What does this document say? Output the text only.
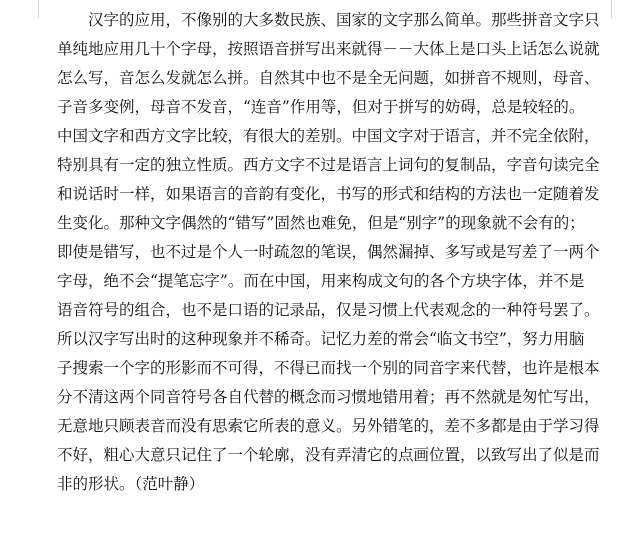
汉字的应用，不像别的大多数民族、国家的文字那么简单。那些拼音文字只
单纯地应用几十个字母，按照语音拼写出来就得－－大体上是口头上话怎么说就
怎么写，音怎么发就怎么拼。自然其中也不是全无问题，如拼音不规则，母音、
子音多变例，母音不发音，“连音”作用等，但对于拼写的妨碍，总是较轻的。
中国文字和西方文字比较，有很大的差别。中国文字对于语言，并不完全依附，
特别具有一定的独立性质。西方文字不过是语言上词句的复制品，字音句读完全
和说话时一样，如果语言的音韵有变化，书写的形式和结构的方法也一定随着发
生变化。那种文字偶然的“错写”固然也难免，但是“别字”的现象就不会有的；
即使是错写，也不过是个人一时疏忽的笔误，偶然漏掉、多写或是写差了一两个
字母，绝不会“提笔忘字”。而在中国，用来构成文句的各个方块字体，并不是
语音符号的组合，也不是口语的记录品，仅是习惯上代表观念的一种符号罢了。
所以汉字写出时的这种现象并不稀奇。记忆力差的常会“临文书空”，努力用脑
子搜索一个字的形影而不可得，不得已而找一个别的同音字来代替，也许是根本
分不清这两个同音符号各自代替的概念而习惯地错用着；再不然就是匆忙写出，
无意地只顾表音而没有思索它所表的意义。另外错笔的，差不多都是由于学习得
不好，粗心大意只记住了一个轮廓，没有弄清它的点画位置，以致写出了似是而
非的形状。（范叶静）
